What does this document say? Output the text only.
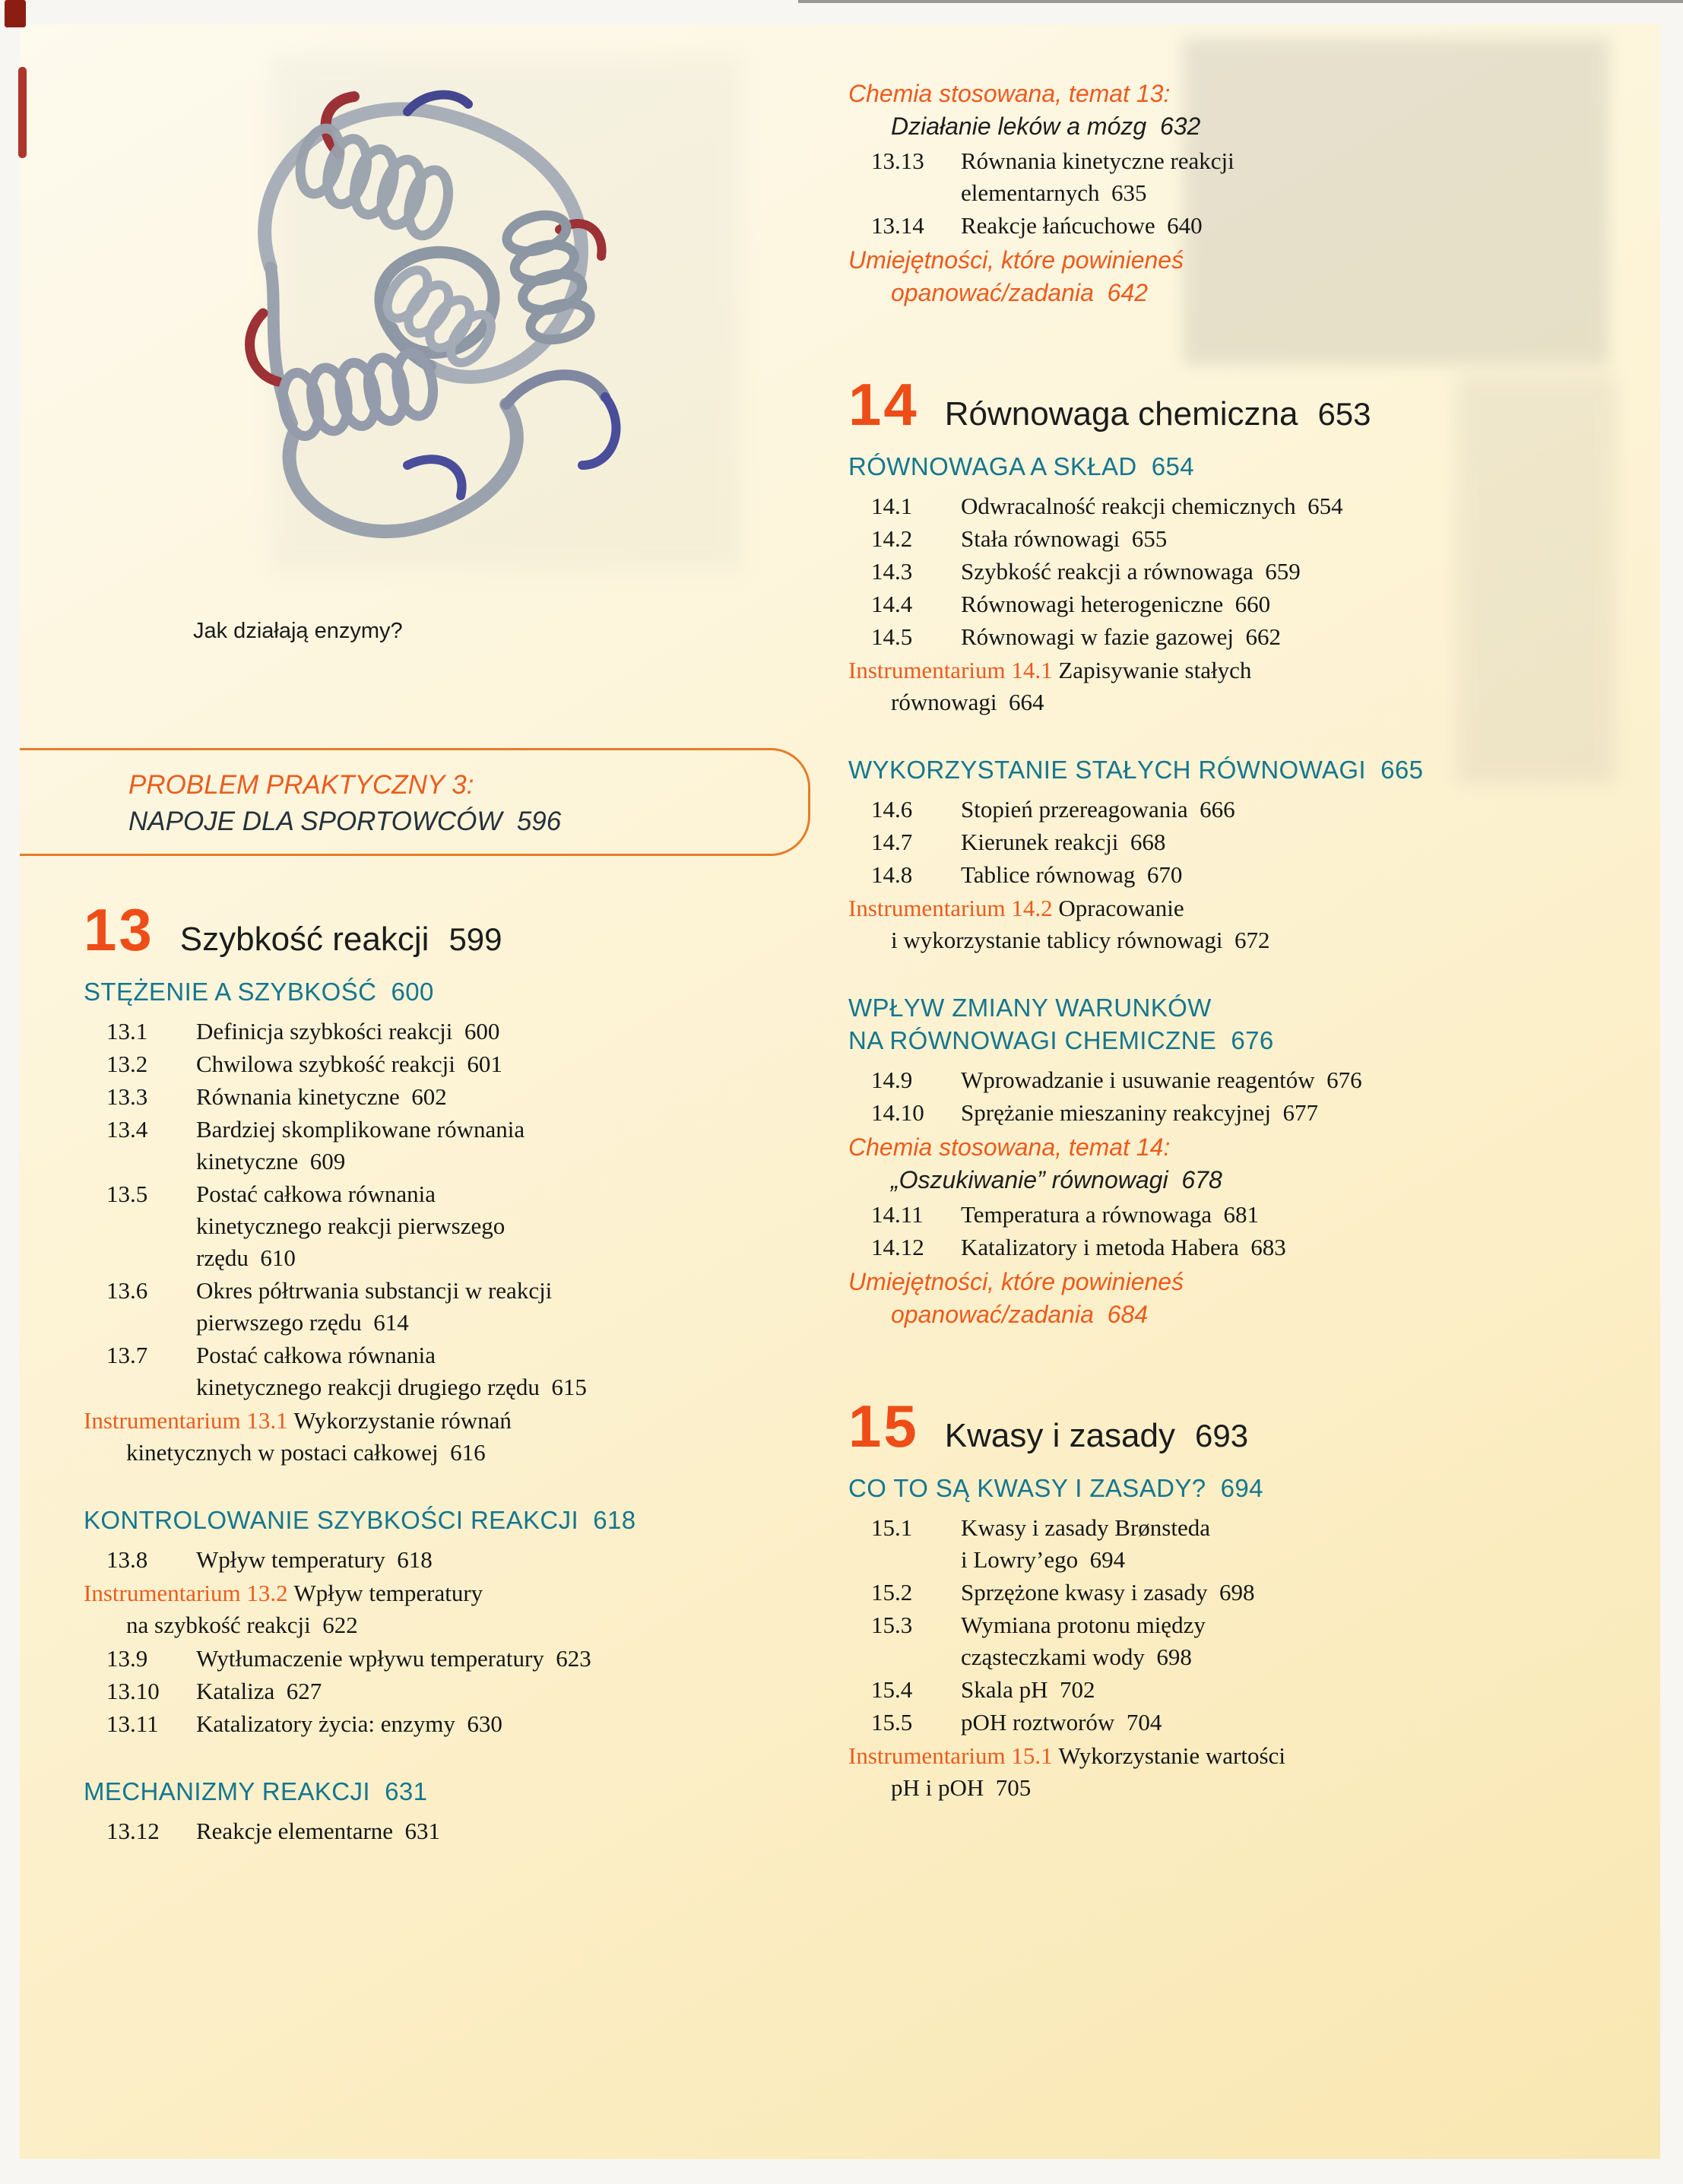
Jak działają enzymy?
PROBLEM PRAKTYCZNY 3:
NAPOJE DLA SPORTOWCÓW  596
13 Szybkość reakcji 599
STĘŻENIE A SZYBKOŚĆ  600
13.1	Definicja szybkości reakcji  600
13.2	Chwilowa szybkość reakcji  601
13.3	Równania kinetyczne  602
13.4	Bardziej skomplikowane równania
kinetyczne  609
13.5	Postać całkowa równania
kinetycznego reakcji pierwszego
rzędu  610
13.6	Okres półtrwania substancji w reakcji
pierwszego rzędu  614
13.7	Postać całkowa równania
kinetycznego reakcji drugiego rzędu  615
Instrumentarium 13.1 Wykorzystanie równań
kinetycznych w postaci całkowej  616
KONTROLOWANIE SZYBKOŚCI REAKCJI  618
13.8	Wpływ temperatury  618
Instrumentarium 13.2 Wpływ temperatury
na szybkość reakcji  622
13.9	Wytłumaczenie wpływu temperatury  623
13.10	Kataliza  627
13.11	Katalizatory życia: enzymy  630
MECHANIZMY REAKCJI  631
13.12	Reakcje elementarne  631
Chemia stosowana, temat 13:
Działanie leków a mózg  632
13.13	Równania kinetyczne reakcji
elementarnych  635
13.14	Reakcje łańcuchowe  640
Umiejętności, które powinieneś
opanować/zadania  642
14 Równowaga chemiczna 653
RÓWNOWAGA A SKŁAD  654
14.1	Odwracalność reakcji chemicznych  654
14.2	Stała równowagi  655
14.3	Szybkość reakcji a równowaga  659
14.4	Równowagi heterogeniczne  660
14.5	Równowagi w fazie gazowej  662
Instrumentarium 14.1 Zapisywanie stałych
równowagi  664
WYKORZYSTANIE STAŁYCH RÓWNOWAGI  665
14.6	Stopień przereagowania  666
14.7	Kierunek reakcji  668
14.8	Tablice równowag  670
Instrumentarium 14.2 Opracowanie
i wykorzystanie tablicy równowagi  672
WPŁYW ZMIANY WARUNKÓW
NA RÓWNOWAGI CHEMICZNE  676
14.9	Wprowadzanie i usuwanie reagentów  676
14.10	Sprężanie mieszaniny reakcyjnej  677
Chemia stosowana, temat 14:
„Oszukiwanie” równowagi  678
14.11	Temperatura a równowaga  681
14.12	Katalizatory i metoda Habera  683
Umiejętności, które powinieneś
opanować/zadania  684
15 Kwasy i zasady 693
CO TO SĄ KWASY I ZASADY?  694
15.1	Kwasy i zasady Brønsteda
i Lowry’ego  694
15.2	Sprzężone kwasy i zasady  698
15.3	Wymiana protonu między
cząsteczkami wody  698
15.4	Skala pH  702
15.5	pOH roztworów  704
Instrumentarium 15.1 Wykorzystanie wartości
pH i pOH  705
